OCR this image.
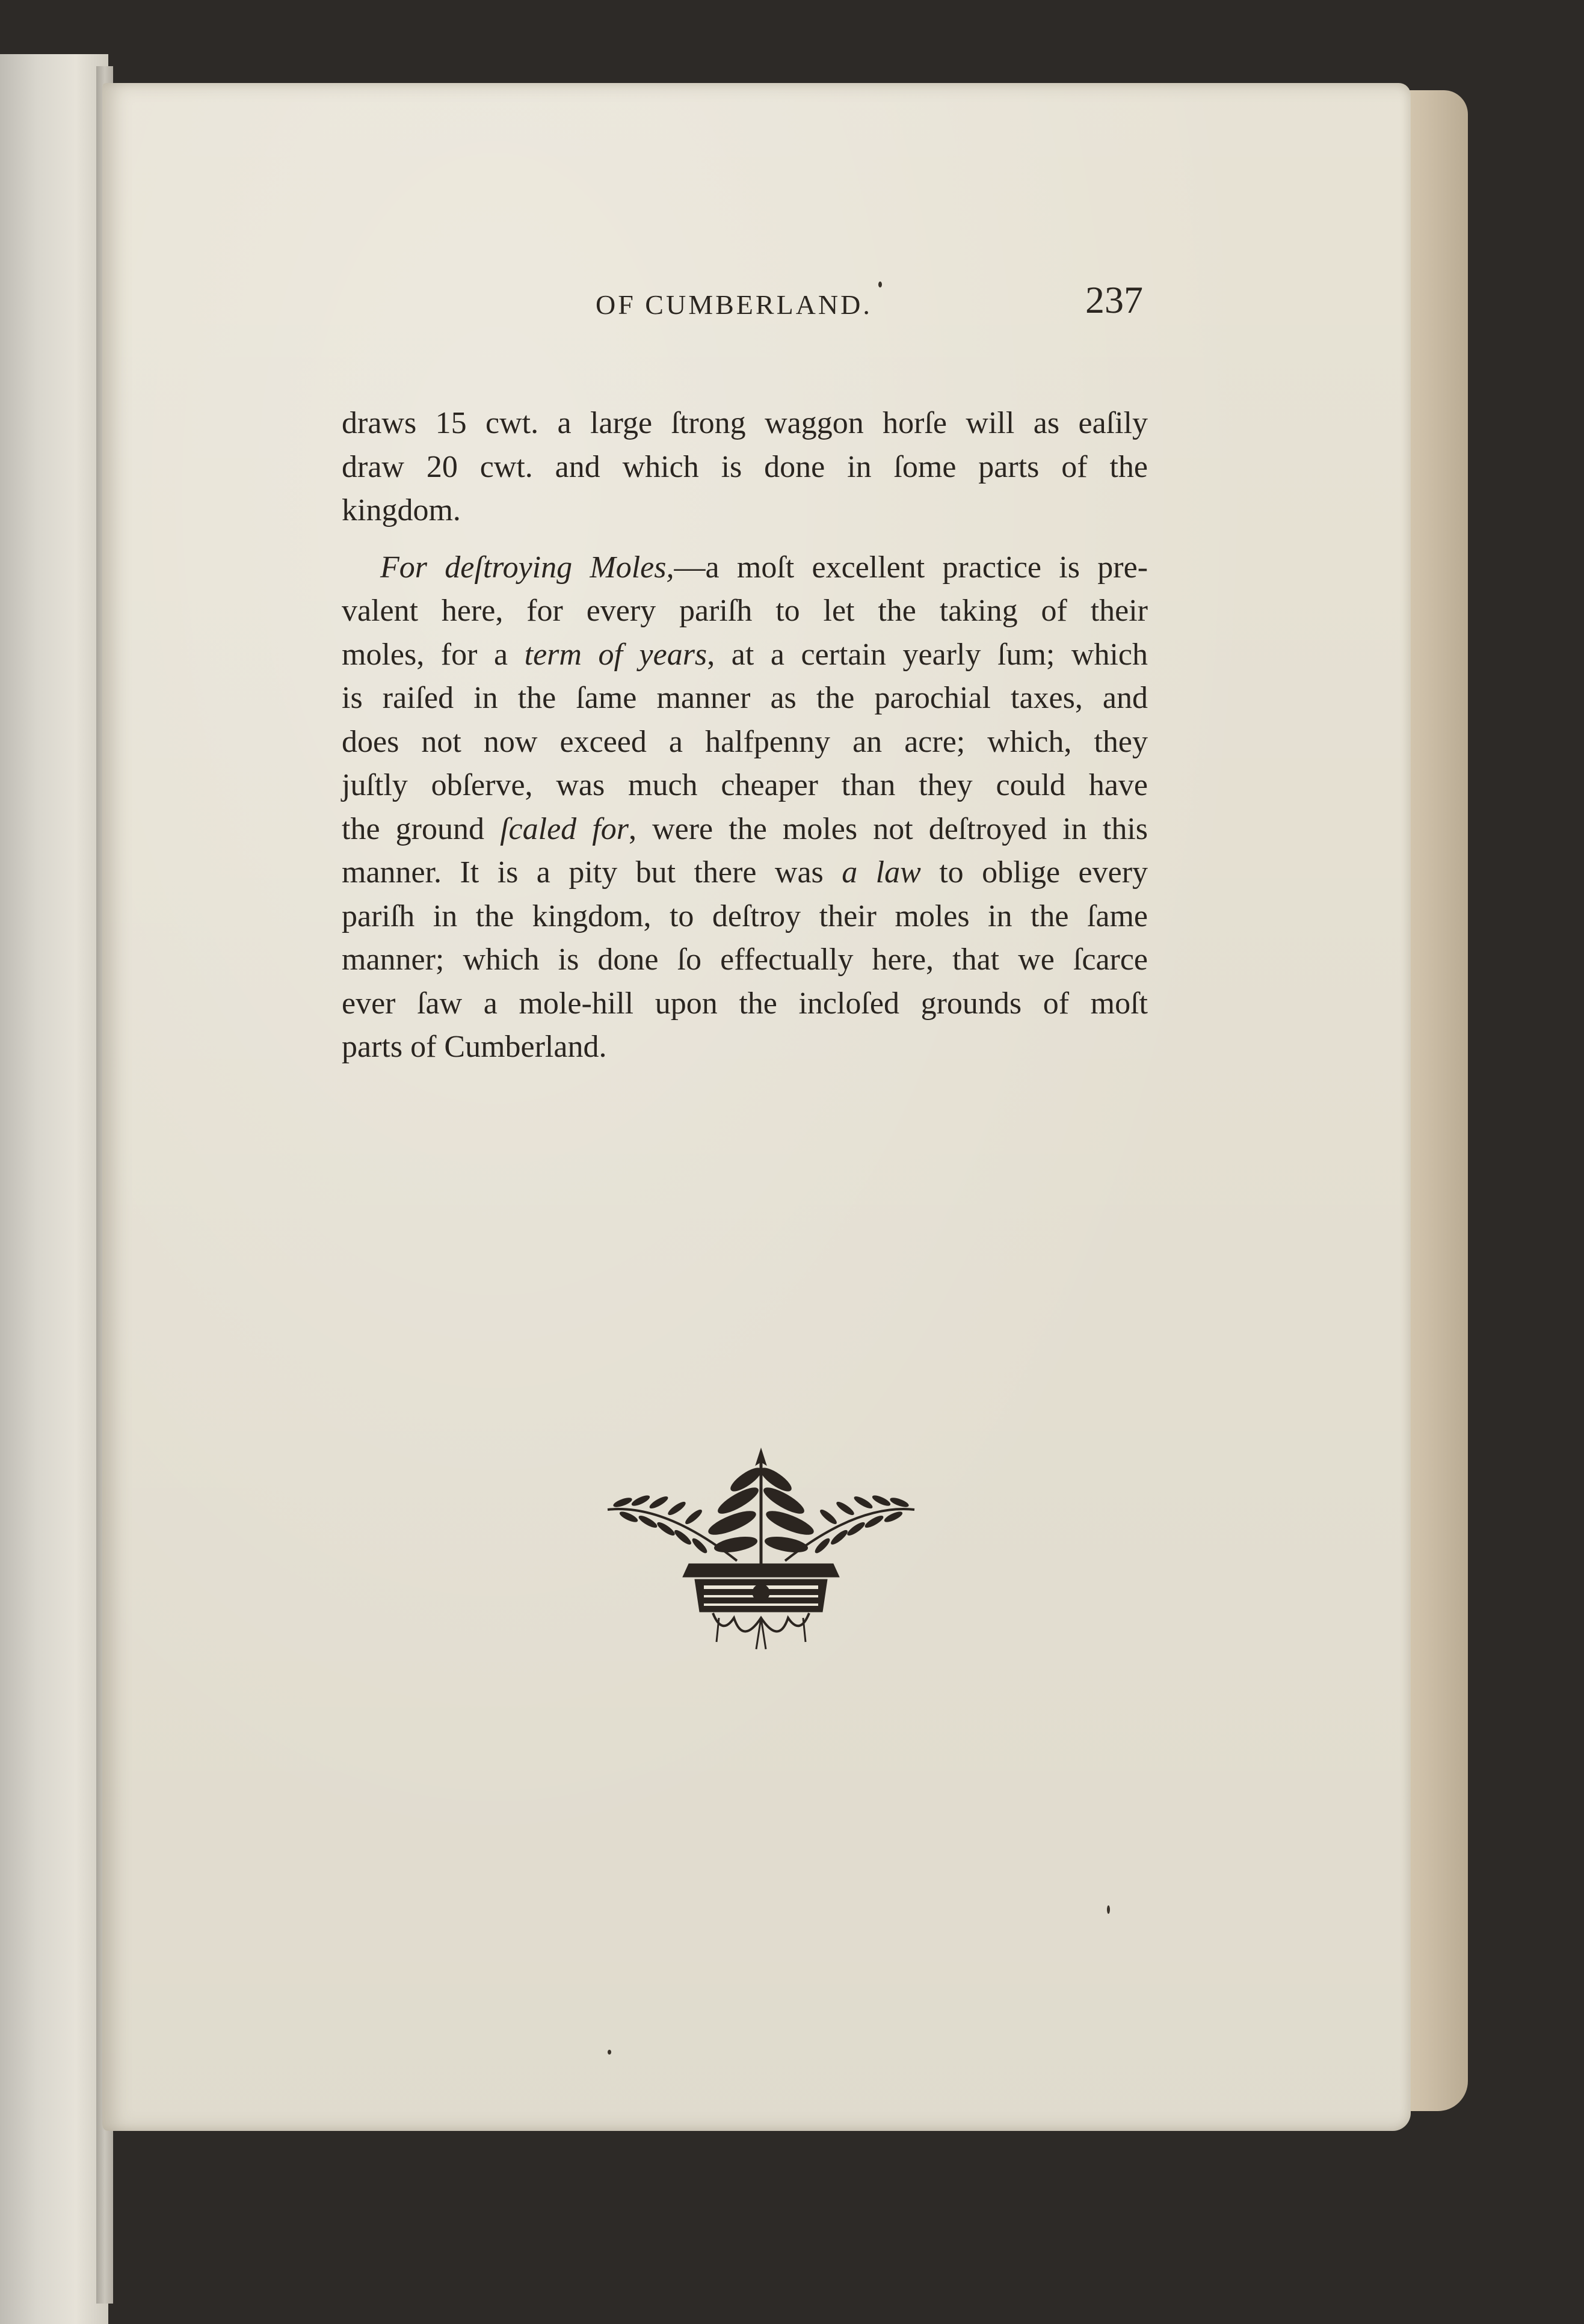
OF CUMBERLAND.	237
draws 15 cwt. a large ſtrong waggon horſe will as eaſily
draw 20 cwt. and which is done in ſome parts of the
kingdom.
For deſtroying Moles,—a moſt excellent practice is pre-
valent here, for every pariſh to let the taking of their
moles, for a term of years, at a certain yearly ſum; which
is raiſed in the ſame manner as the parochial taxes, and
does not now exceed a halfpenny an acre; which, they
juſtly obſerve, was much cheaper than they could have
the ground ſcaled for, were the moles not deſtroyed in this
manner. It is a pity but there was a law to oblige every
pariſh in the kingdom, to deſtroy their moles in the ſame
manner; which is done ſo effectually here, that we ſcarce
ever ſaw a mole-hill upon the incloſed grounds of moſt
parts of Cumberland.
